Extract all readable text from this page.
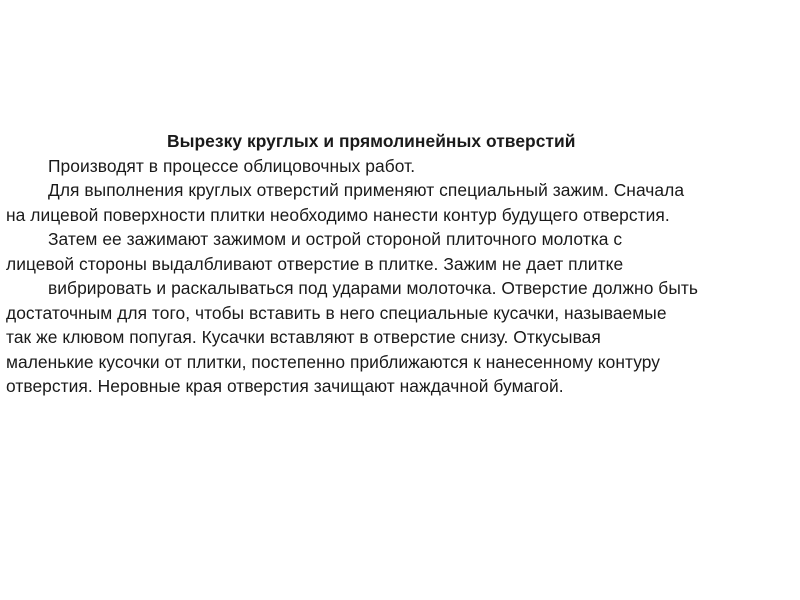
Вырезку круглых и прямолинейных отверстий
Производят в процессе облицовочных работ.
Для выполнения круглых отверстий применяют специальный зажим. Сначала
на лицевой поверхности плитки необходимо нанести контур будущего отверстия.
Затем ее зажимают зажимом и острой стороной плиточного молотка с
лицевой стороны выдалбливают отверстие в плитке. Зажим не дает плитке
вибрировать и раскалываться под ударами молоточка. Отверстие должно быть
достаточным для того, чтобы вставить в него специальные кусачки, называемые
так же клювом попугая. Кусачки вставляют в отверстие снизу. Откусывая
маленькие кусочки от плитки, постепенно приближаются к нанесенному контуру
отверстия. Неровные края отверстия зачищают наждачной бумагой.
